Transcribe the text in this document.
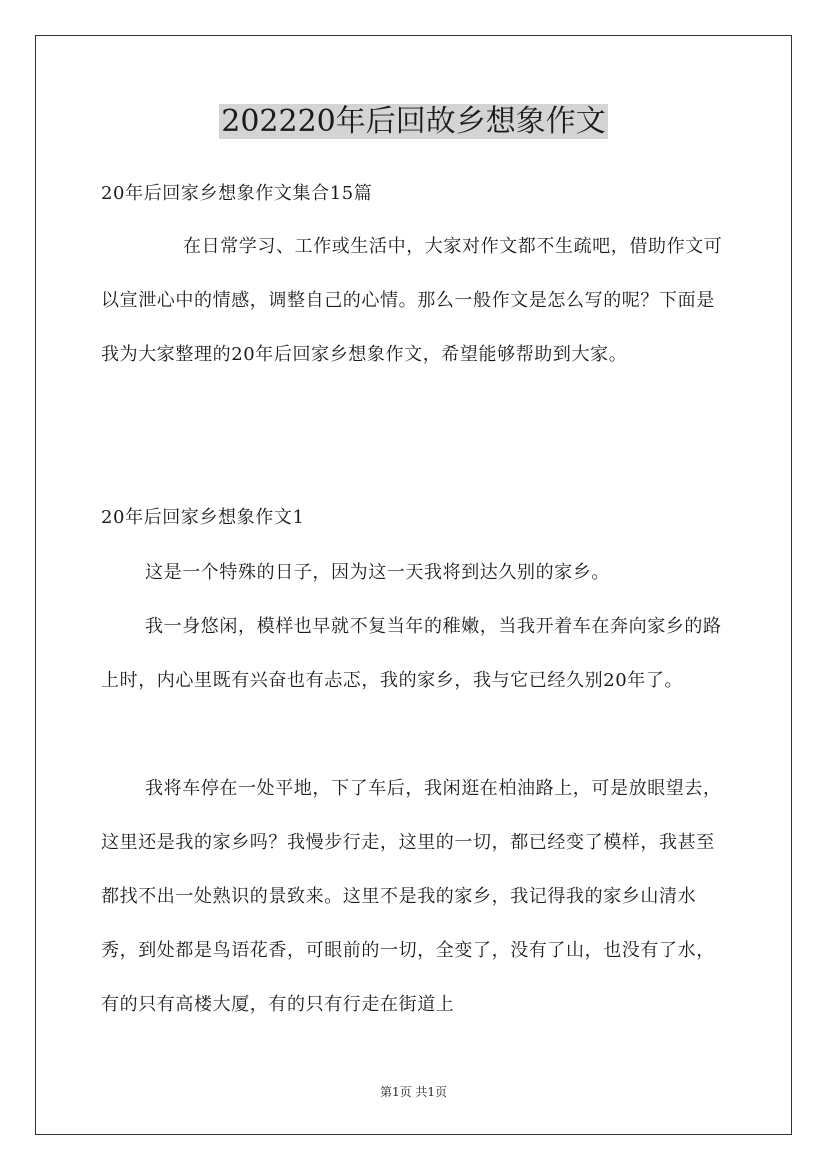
202220年后回故乡想象作文

20年后回家乡想象作文集合15篇

在日常学习、工作或生活中，大家对作文都不生疏吧，借助作文可以宣泄心中的情感，调整自己的心情。那么一般作文是怎么写的呢？下面是我为大家整理的20年后回家乡想象作文，希望能够帮助到大家。

20年后回家乡想象作文1

这是一个特殊的日子，因为这一天我将到达久别的家乡。

我一身悠闲，模样也早就不复当年的稚嫩，当我开着车在奔向家乡的路上时，内心里既有兴奋也有忐忑，我的家乡，我与它已经久别20年了。

我将车停在一处平地，下了车后，我闲逛在柏油路上，可是放眼望去，这里还是我的家乡吗？我慢步行走，这里的一切，都已经变了模样，我甚至都找不出一处熟识的景致来。这里不是我的家乡，我记得我的家乡山清水秀，到处都是鸟语花香，可眼前的一切，全变了，没有了山，也没有了水，有的只有高楼大厦，有的只有行走在街道上

第1页 共1页
